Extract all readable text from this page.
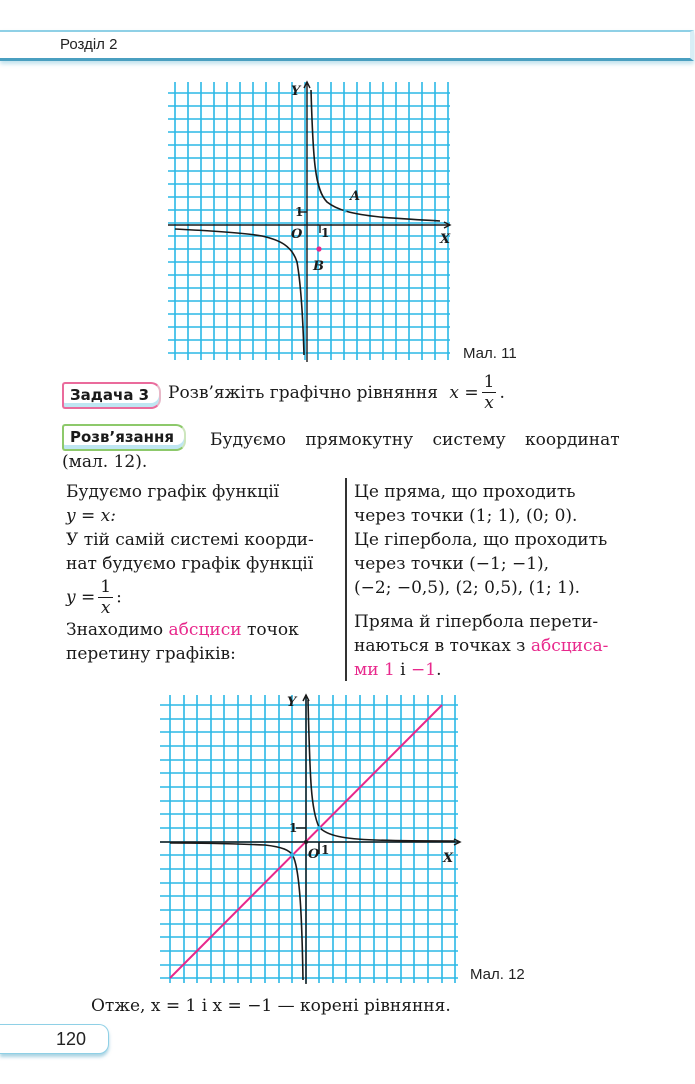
Розділ 2
Y
X
O
A
B
1
1
Мал. 11
Задача 3	Розв’яжіть графічно рівняння $x = \frac{1}{x}$ .
Розв’язання	Будуємо прямокутну систему координат
(мал. 12).
Будуємо графік функції
y = x:
У тій самій системі коорди-
нат будуємо графік функції
$y = \frac{1}{x}$ :
Знаходимо абсциси точок
перетину графіків:
Це пряма, що проходить
через точки (1; 1), (0; 0).
Це гіпербола, що проходить
через точки (−1; −1),
(−2; −0,5), (2; 0,5), (1; 1).
Пряма й гіпербола перети-
наються в точках з абсциса-
ми 1 і −1.
Y
X
O
1
1
Мал. 12
Отже, x = 1 і x = −1 — корені рівняння.
120
